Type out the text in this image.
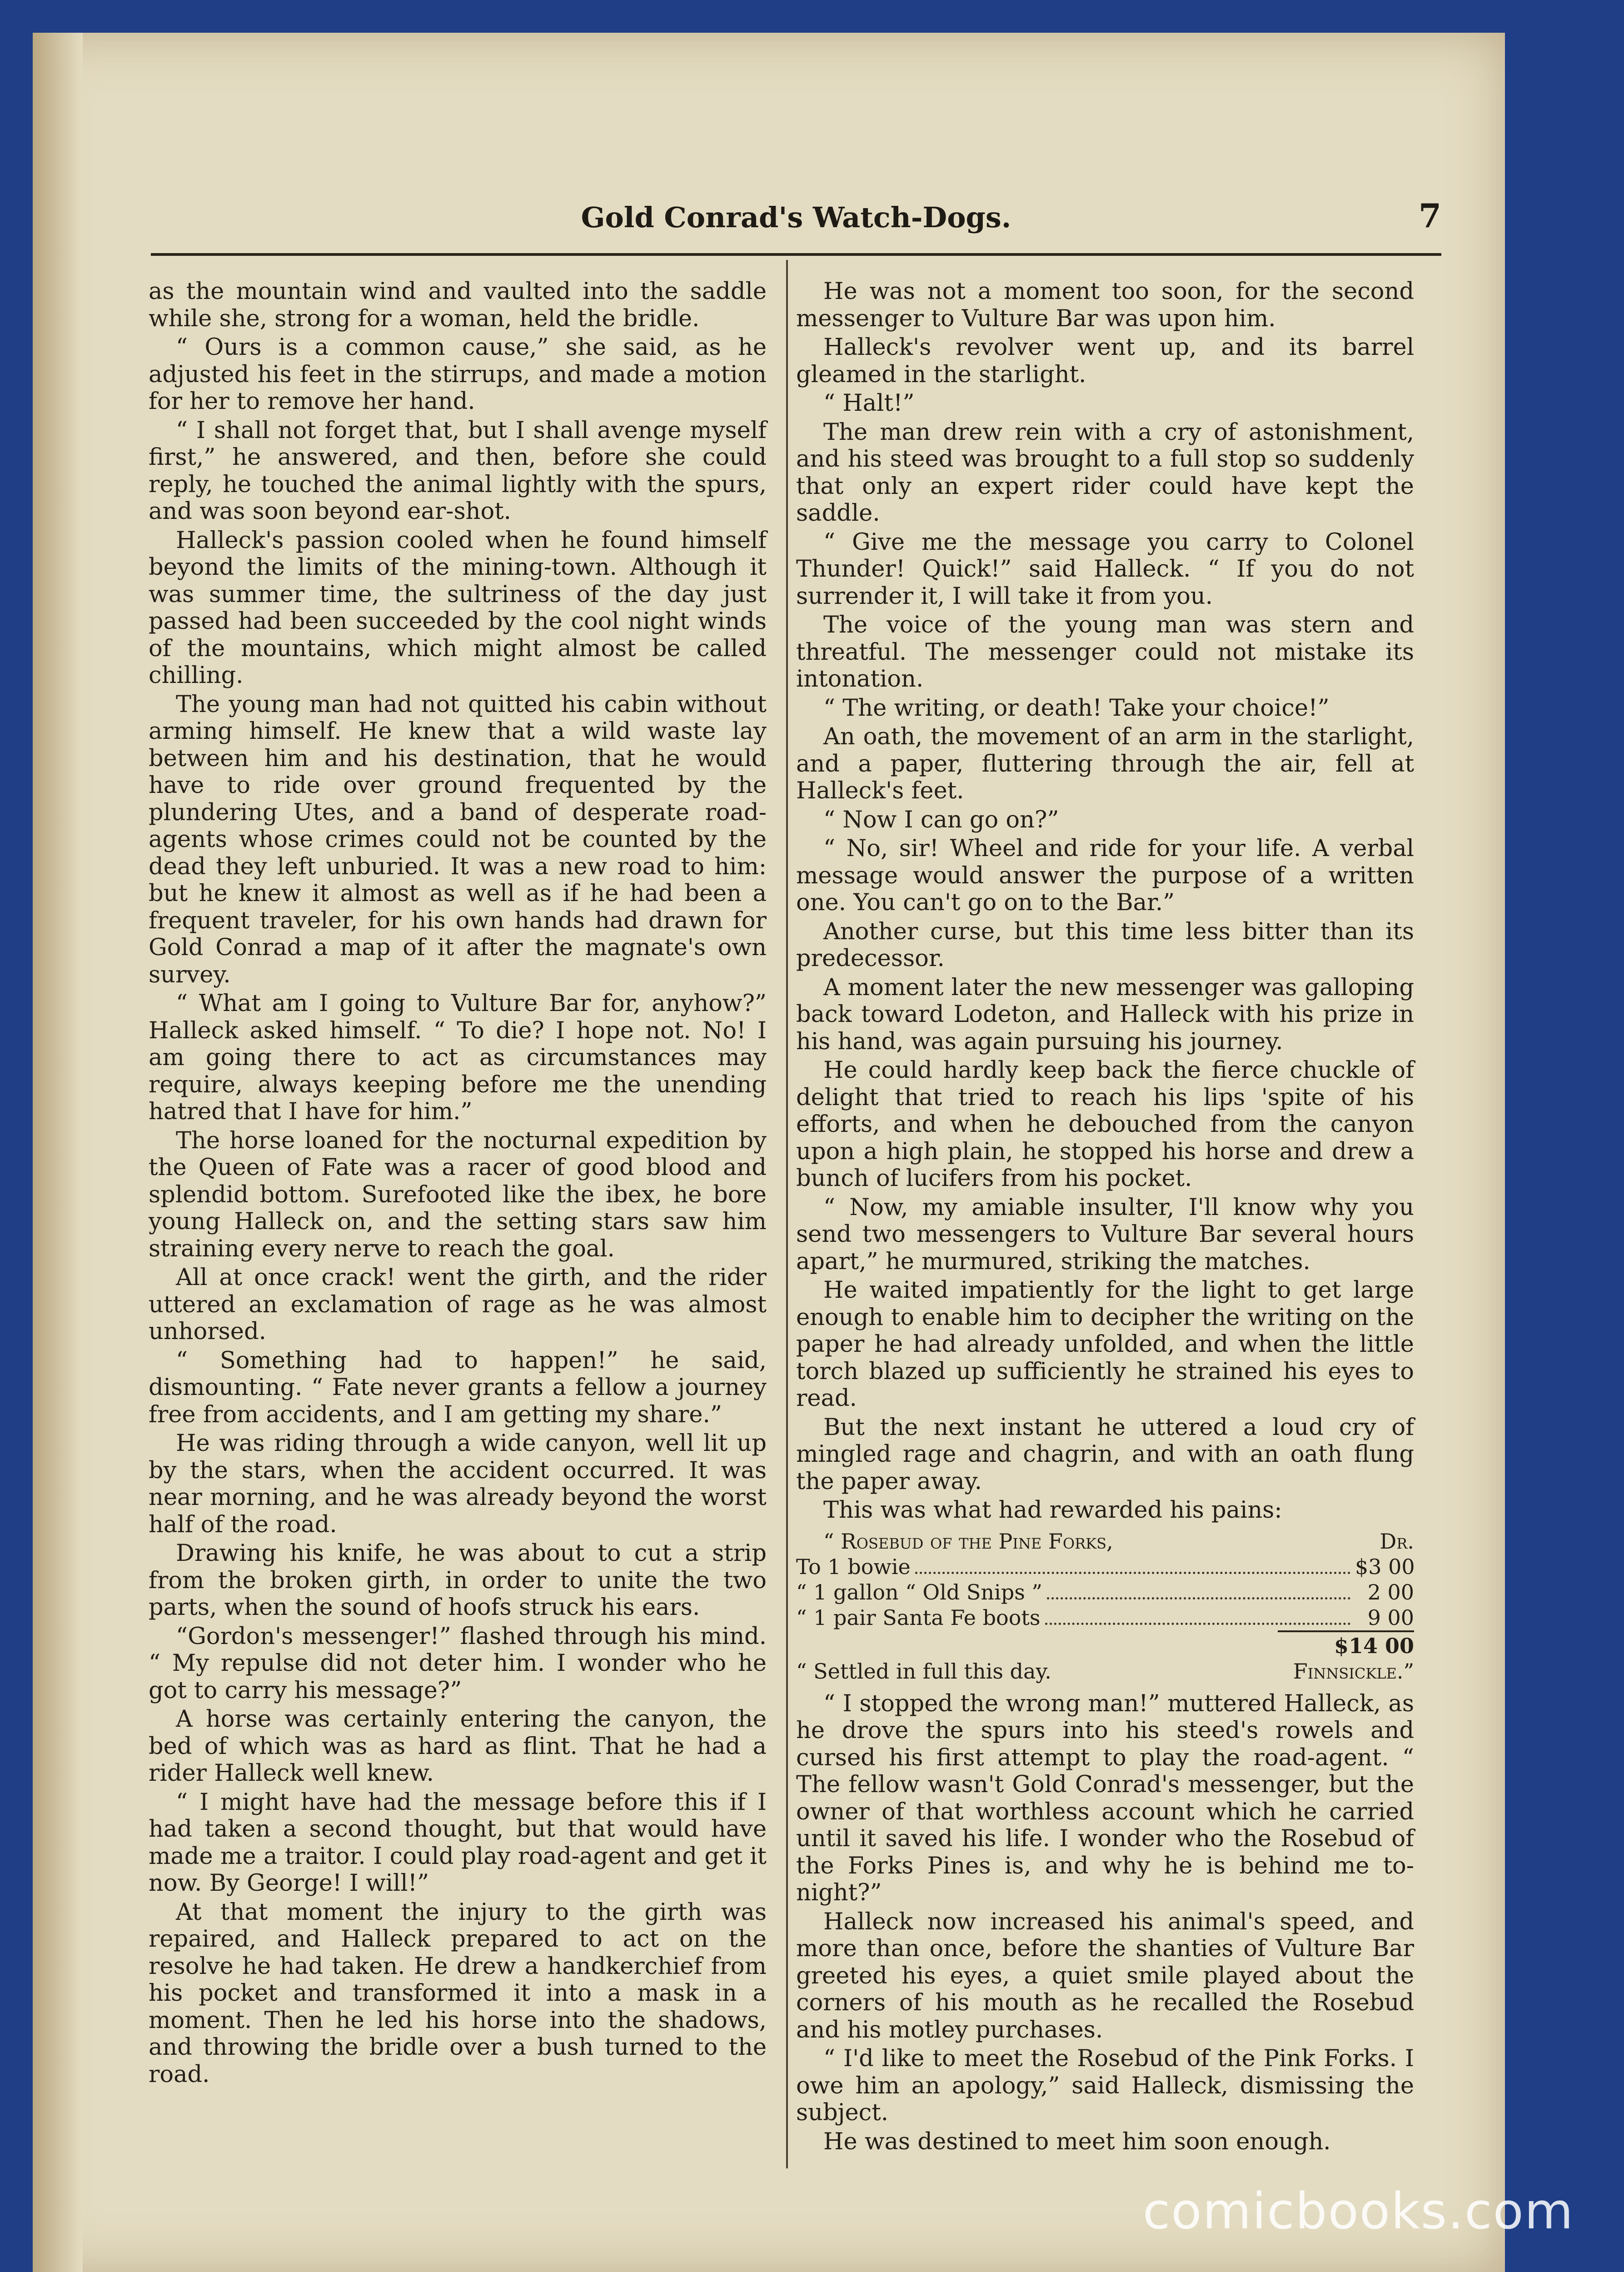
Gold Conrad's Watch-Dogs.	7

as the mountain wind and vaulted into the saddle while she, strong for a woman, held the bridle.

“ Ours is a common cause,” she said, as he adjusted his feet in the stirrups, and made a motion for her to remove her hand.

“ I shall not forget that, but I shall avenge myself first,” he answered, and then, before she could reply, he touched the animal lightly with the spurs, and was soon beyond ear-shot.

Halleck's passion cooled when he found himself beyond the limits of the mining-town. Although it was summer time, the sultriness of the day just passed had been succeeded by the cool night winds of the mountains, which might almost be called chilling.

The young man had not quitted his cabin without arming himself. He knew that a wild waste lay between him and his destination, that he would have to ride over ground frequented by the plundering Utes, and a band of desperate road-agents whose crimes could not be counted by the dead they left unburied. It was a new road to him: but he knew it almost as well as if he had been a frequent traveler, for his own hands had drawn for Gold Conrad a map of it after the magnate's own survey.

“ What am I going to Vulture Bar for, anyhow?” Halleck asked himself. “ To die? I hope not. No! I am going there to act as circumstances may require, always keeping before me the unending hatred that I have for him.”

The horse loaned for the nocturnal expedition by the Queen of Fate was a racer of good blood and splendid bottom. Surefooted like the ibex, he bore young Halleck on, and the setting stars saw him straining every nerve to reach the goal.

All at once crack! went the girth, and the rider uttered an exclamation of rage as he was almost unhorsed.

“ Something had to happen!” he said, dismounting. “ Fate never grants a fellow a journey free from accidents, and I am getting my share.”

He was riding through a wide canyon, well lit up by the stars, when the accident occurred. It was near morning, and he was already beyond the worst half of the road.

Drawing his knife, he was about to cut a strip from the broken girth, in order to unite the two parts, when the sound of hoofs struck his ears.

“Gordon's messenger!” flashed through his mind. “ My repulse did not deter him. I wonder who he got to carry his message?”

A horse was certainly entering the canyon, the bed of which was as hard as flint. That he had a rider Halleck well knew.

“ I might have had the message before this if I had taken a second thought, but that would have made me a traitor. I could play road-agent and get it now. By George! I will!”

At that moment the injury to the girth was repaired, and Halleck prepared to act on the resolve he had taken. He drew a handkerchief from his pocket and transformed it into a mask in a moment. Then he led his horse into the shadows, and throwing the bridle over a bush turned to the road.

He was not a moment too soon, for the second messenger to Vulture Bar was upon him.

Halleck's revolver went up, and its barrel gleamed in the starlight.

“ Halt!”

The man drew rein with a cry of astonishment, and his steed was brought to a full stop so suddenly that only an expert rider could have kept the saddle.

“ Give me the message you carry to Colonel Thunder! Quick!” said Halleck. “ If you do not surrender it, I will take it from you.

The voice of the young man was stern and threatful. The messenger could not mistake its intonation.

“ The writing, or death! Take your choice!”

An oath, the movement of an arm in the starlight, and a paper, fluttering through the air, fell at Halleck's feet.

“ Now I can go on?”

“ No, sir! Wheel and ride for your life. A verbal message would answer the purpose of a written one. You can't go on to the Bar.”

Another curse, but this time less bitter than its predecessor.

A moment later the new messenger was galloping back toward Lodeton, and Halleck with his prize in his hand, was again pursuing his journey.

He could hardly keep back the fierce chuckle of delight that tried to reach his lips 'spite of his efforts, and when he debouched from the canyon upon a high plain, he stopped his horse and drew a bunch of lucifers from his pocket.

“ Now, my amiable insulter, I'll know why you send two messengers to Vulture Bar several hours apart,” he murmured, striking the matches.

He waited impatiently for the light to get large enough to enable him to decipher the writing on the paper he had already unfolded, and when the little torch blazed up sufficiently he strained his eyes to read.

But the next instant he uttered a loud cry of mingled rage and chagrin, and with an oath flung the paper away.

This was what had rewarded his pains:

“ Rosebud of the Pine Forks,	Dr.
To 1 bowie	$3 00
“ 1 gallon “ Old Snips ”	2 00
“ 1 pair Santa Fe boots	9 00
$14 00
“ Settled in full this day.	Finnsickle.”

“ I stopped the wrong man!” muttered Halleck, as he drove the spurs into his steed's rowels and cursed his first attempt to play the road-agent. “ The fellow wasn't Gold Conrad's messenger, but the owner of that worthless account which he carried until it saved his life. I wonder who the Rosebud of the Forks Pines is, and why he is behind me to-night?”

Halleck now increased his animal's speed, and more than once, before the shanties of Vulture Bar greeted his eyes, a quiet smile played about the corners of his mouth as he recalled the Rosebud and his motley purchases.

“ I'd like to meet the Rosebud of the Pink Forks. I owe him an apology,” said Halleck, dismissing the subject.

He was destined to meet him soon enough.

comicbooks.com
